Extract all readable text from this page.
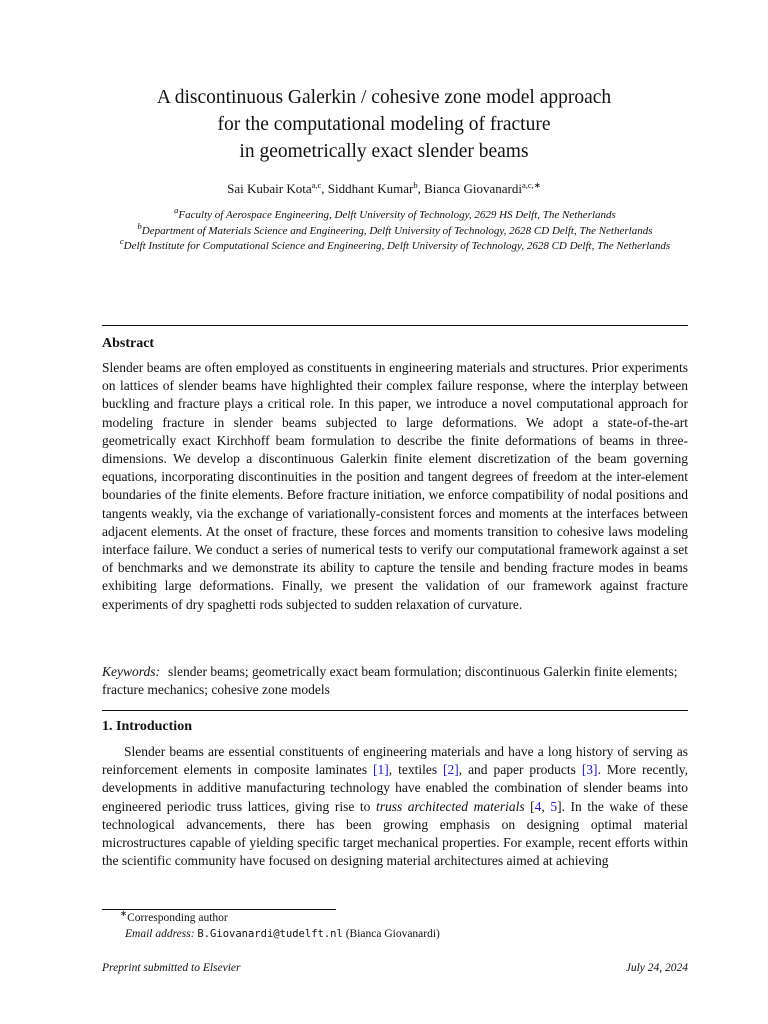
A discontinuous Galerkin / cohesive zone model approach
for the computational modeling of fracture
in geometrically exact slender beams
Sai Kubair Kota$^{a,c}$, Siddhant Kumar$^b$, Bianca Giovanardi$^{a,c,∗}$
$^a$Faculty of Aerospace Engineering, Delft University of Technology, 2629 HS Delft, The Netherlands
$^b$Department of Materials Science and Engineering, Delft University of Technology, 2628 CD Delft, The Netherlands
$^c$Delft Institute for Computational Science and Engineering, Delft University of Technology, 2628 CD Delft, The Netherlands
Abstract
Slender beams are often employed as constituents in engineering materials and structures. Prior experiments on lattices of slender beams have highlighted their complex failure response, where the interplay between buckling and fracture plays a critical role. In this paper, we introduce a novel computational approach for modeling fracture in slender beams subjected to large deformations. We adopt a state-of-the-art geometrically exact Kirchhoff beam formulation to describe the finite deformations of beams in three-dimensions. We develop a discontinuous Galerkin finite element discretization of the beam governing equations, incorporating discontinuities in the position and tangent degrees of freedom at the inter-element boundaries of the finite elements. Before fracture initiation, we enforce compatibility of nodal positions and tangents weakly, via the exchange of variationally-consistent forces and moments at the interfaces between adjacent elements. At the onset of fracture, these forces and moments transition to cohesive laws modeling interface failure. We conduct a series of numerical tests to verify our computational framework against a set of benchmarks and we demonstrate its ability to capture the tensile and bending fracture modes in beams exhibiting large deformations. Finally, we present the validation of our framework against fracture experiments of dry spaghetti rods subjected to sudden relaxation of curvature.
Keywords: slender beams; geometrically exact beam formulation; discontinuous Galerkin finite elements; fracture mechanics; cohesive zone models
1. Introduction
Slender beams are essential constituents of engineering materials and have a long history of serving as reinforcement elements in composite laminates [1], textiles [2], and paper products [3]. More recently, developments in additive manufacturing technology have enabled the combination of slender beams into engineered periodic truss lattices, giving rise to truss architected materials [4, 5]. In the wake of these technological advancements, there has been growing emphasis on designing optimal material microstructures capable of yielding specific target mechanical properties. For example, recent efforts within the scientific community have focused on designing material architectures aimed at achieving
∗Corresponding author
Email address: B.Giovanardi@tudelft.nl (Bianca Giovanardi)
Preprint submitted to Elsevier	July 24, 2024
